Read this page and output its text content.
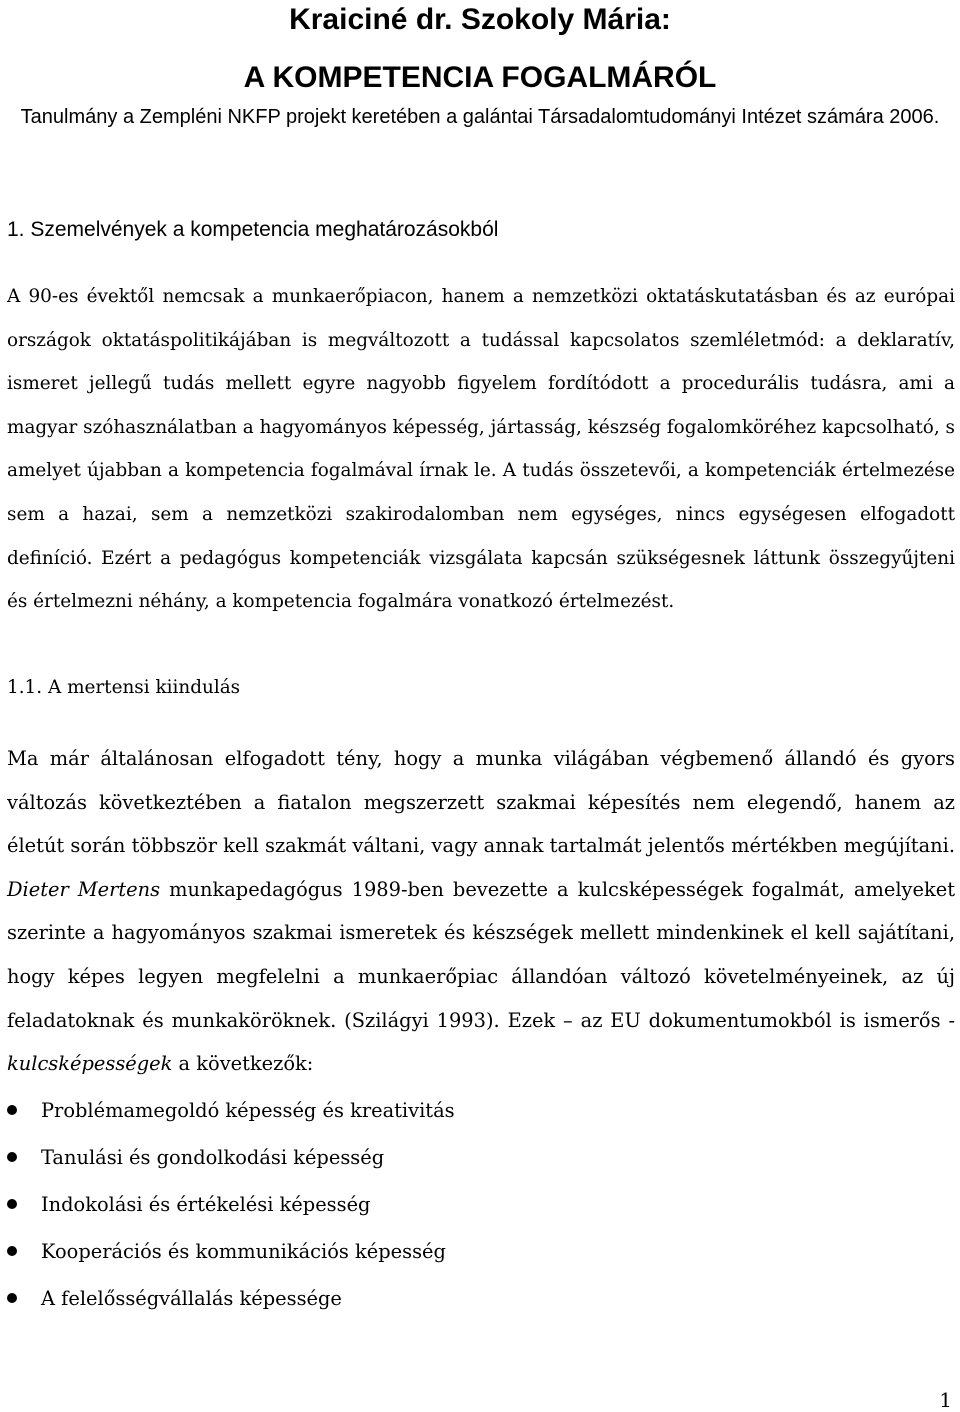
Kraiciné dr. Szokoly Mária:
A KOMPETENCIA FOGALMÁRÓL

Tanulmány a Zempléni NKFP projekt keretében a galántai Társadalomtudományi Intézet számára 2006.

1. Szemelvények a kompetencia meghatározásokból

A 90-es évektől nemcsak a munkaerőpiacon, hanem a nemzetközi oktatáskutatásban és az európai országok oktatáspolitikájában is megváltozott a tudással kapcsolatos szemléletmód: a deklaratív, ismeret jellegű tudás mellett egyre nagyobb figyelem fordítódott a procedurális tudásra, ami a magyar szóhasználatban a hagyományos képesség, jártasság, készség fogalomköréhez kapcsolható, s amelyet újabban a kompetencia fogalmával írnak le. A tudás összetevői, a kompetenciák értelmezése sem a hazai, sem a nemzetközi szakirodalomban nem egységes, nincs egységesen elfogadott definíció. Ezért a pedagógus kompetenciák vizsgálata kapcsán szükségesnek láttunk összegyűjteni és értelmezni néhány, a kompetencia fogalmára vonatkozó értelmezést.

1.1. A mertensi kiindulás

Ma már általánosan elfogadott tény, hogy a munka világában végbemenő állandó és gyors változás következtében a fiatalon megszerzett szakmai képesítés nem elegendő, hanem az életút során többször kell szakmát váltani, vagy annak tartalmát jelentős mértékben megújítani. Dieter Mertens munkapedagógus 1989-ben bevezette a kulcsképességek fogalmát, amelyeket szerinte a hagyományos szakmai ismeretek és készségek mellett mindenkinek el kell sajátítani, hogy képes legyen megfelelni a munkaerőpiac állandóan változó követelményeinek, az új feladatoknak és munkaköröknek. (Szilágyi 1993). Ezek – az EU dokumentumokból is ismerős - kulcsképességek a következők:

Problémamegoldó képesség és kreativitás
Tanulási és gondolkodási képesség
Indokolási és értékelési képesség
Kooperációs és kommunikációs képesség
A felelősségvállalás képessége
1
